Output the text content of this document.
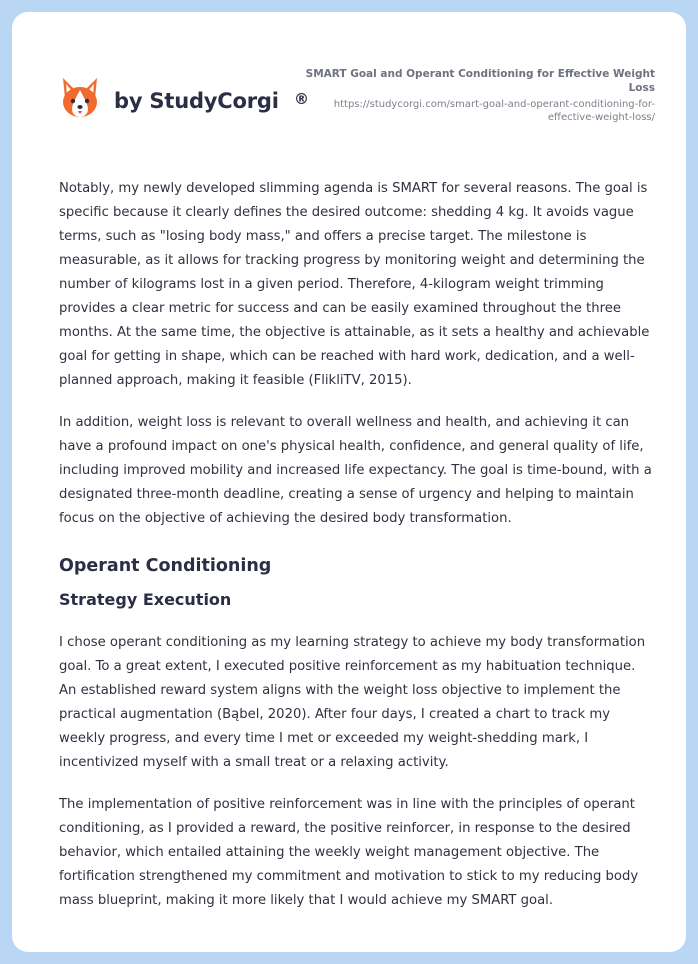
by StudyCorgi ®
SMART Goal and Operant Conditioning for Effective Weight Loss
https://studycorgi.com/smart-goal-and-operant-conditioning-for-effective-weight-loss/

Notably, my newly developed slimming agenda is SMART for several reasons. The goal is specific because it clearly defines the desired outcome: shedding 4 kg. It avoids vague terms, such as "losing body mass," and offers a precise target. The milestone is measurable, as it allows for tracking progress by monitoring weight and determining the number of kilograms lost in a given period. Therefore, 4-kilogram weight trimming provides a clear metric for success and can be easily examined throughout the three months. At the same time, the objective is attainable, as it sets a healthy and achievable goal for getting in shape, which can be reached with hard work, dedication, and a well-planned approach, making it feasible (FlikliTV, 2015).

In addition, weight loss is relevant to overall wellness and health, and achieving it can have a profound impact on one's physical health, confidence, and general quality of life, including improved mobility and increased life expectancy. The goal is time-bound, with a designated three-month deadline, creating a sense of urgency and helping to maintain focus on the objective of achieving the desired body transformation.

Operant Conditioning
Strategy Execution

I chose operant conditioning as my learning strategy to achieve my body transformation goal. To a great extent, I executed positive reinforcement as my habituation technique. An established reward system aligns with the weight loss objective to implement the practical augmentation (Bąbel, 2020). After four days, I created a chart to track my weekly progress, and every time I met or exceeded my weight-shedding mark, I incentivized myself with a small treat or a relaxing activity.

The implementation of positive reinforcement was in line with the principles of operant conditioning, as I provided a reward, the positive reinforcer, in response to the desired behavior, which entailed attaining the weekly weight management objective. The fortification strengthened my commitment and motivation to stick to my reducing body mass blueprint, making it more likely that I would achieve my SMART goal.
